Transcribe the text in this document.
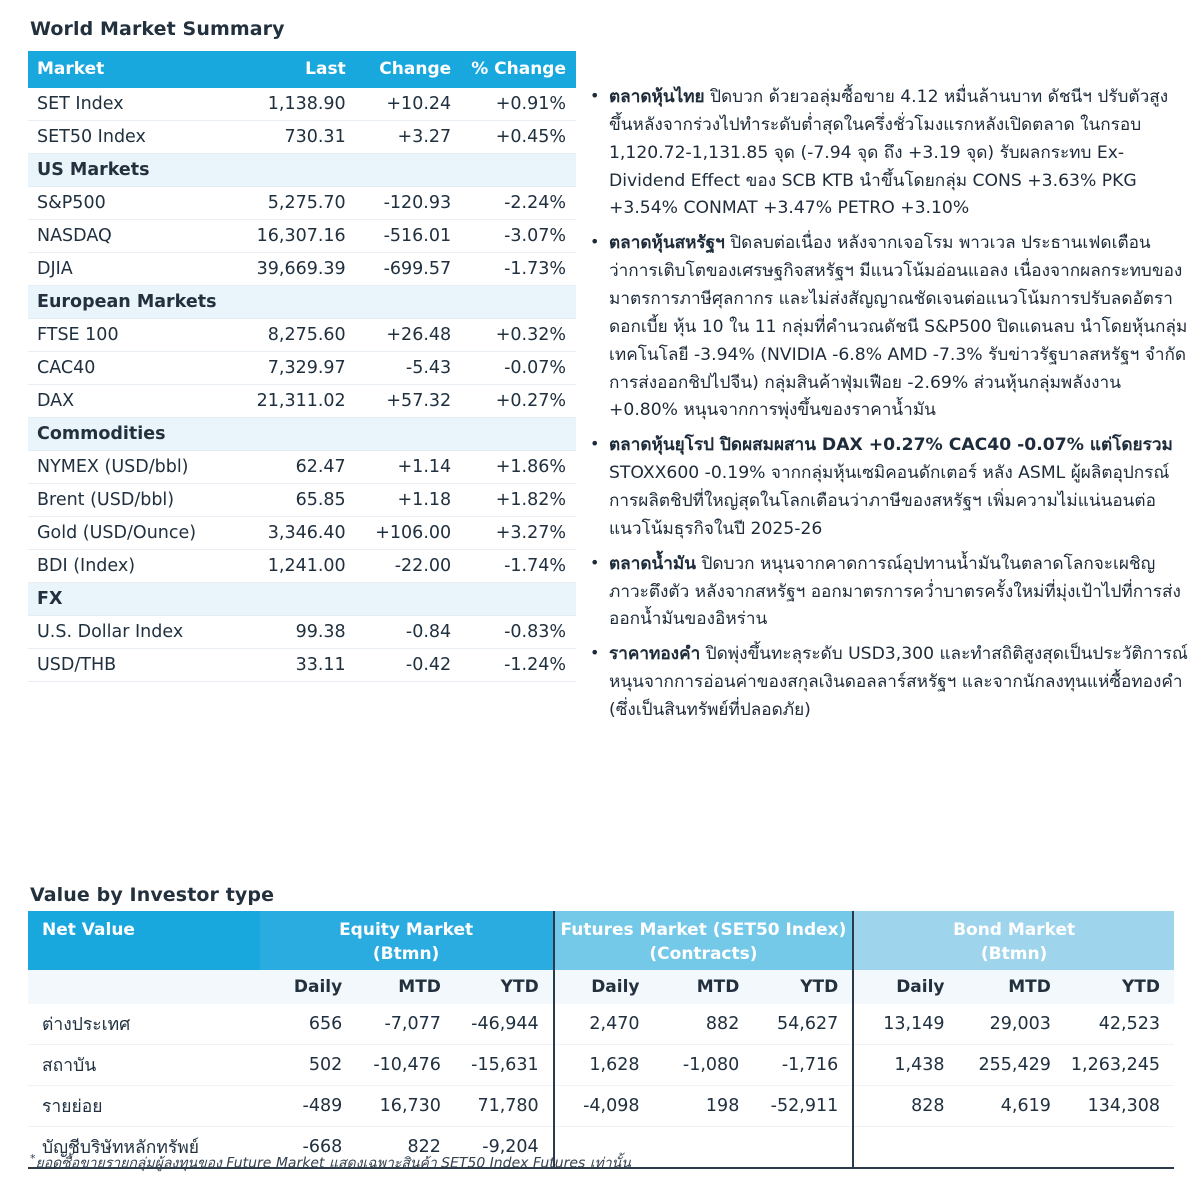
World Market Summary
Market	Last	Change	% Change
SET Index	1,138.90	+10.24	+0.91%
SET50 Index	730.31	+3.27	+0.45%
US Markets			
S&P500	5,275.70	-120.93	-2.24%
NASDAQ	16,307.16	-516.01	-3.07%
DJIA	39,669.39	-699.57	-1.73%
European Markets			
FTSE 100	8,275.60	+26.48	+0.32%
CAC40	7,329.97	-5.43	-0.07%
DAX	21,311.02	+57.32	+0.27%
Commodities			
NYMEX (USD/bbl)	62.47	+1.14	+1.86%
Brent (USD/bbl)	65.85	+1.18	+1.82%
Gold (USD/Ounce)	3,346.40	+106.00	+3.27%
BDI (Index)	1,241.00	-22.00	-1.74%
FX			
U.S. Dollar Index	99.38	-0.84	-0.83%
USD/THB	33.11	-0.42	-1.24%
• ตลาดหุ้นไทย ปิดบวก ด้วยวอลุ่มซื้อขาย 4.12 หมื่นล้านบาท ดัชนีฯ ปรับตัวสูงขึ้นหลังจากร่วงไปทำระดับต่ำสุดในครึ่งชั่วโมงแรกหลังเปิดตลาด ในกรอบ 1,120.72-1,131.85 จุด (-7.94 จุด ถึง +3.19 จุด) รับผลกระทบ Ex-Dividend Effect ของ SCB KTB นำขึ้นโดยกลุ่ม CONS +3.63% PKG +3.54% CONMAT +3.47% PETRO +3.10%
• ตลาดหุ้นสหรัฐฯ ปิดลบต่อเนื่อง หลังจากเจอโรม พาวเวล ประธานเฟดเตือนว่าการเติบโตของเศรษฐกิจสหรัฐฯ มีแนวโน้มอ่อนแอลง เนื่องจากผลกระทบของมาตรการภาษีศุลกากร และไม่ส่งสัญญาณชัดเจนต่อแนวโน้มการปรับลดอัตราดอกเบี้ย หุ้น 10 ใน 11 กลุ่มที่คำนวณดัชนี S&P500 ปิดแดนลบ นำโดยหุ้นกลุ่มเทคโนโลยี -3.94% (NVIDIA -6.8% AMD -7.3% รับข่าวรัฐบาลสหรัฐฯ จำกัดการส่งออกชิปไปจีน) กลุ่มสินค้าฟุ่มเฟือย -2.69% ส่วนหุ้นกลุ่มพลังงาน +0.80% หนุนจากการพุ่งขึ้นของราคาน้ำมัน
• ตลาดหุ้นยุโรป ปิดผสมผสาน DAX +0.27% CAC40 -0.07% แต่โดยรวม STOXX600 -0.19% จากกลุ่มหุ้นเซมิคอนดักเตอร์ หลัง ASML ผู้ผลิตอุปกรณ์การผลิตชิปที่ใหญ่สุดในโลกเตือนว่าภาษีของสหรัฐฯ เพิ่มความไม่แน่นอนต่อแนวโน้มธุรกิจในปี 2025-26
• ตลาดน้ำมัน ปิดบวก หนุนจากคาดการณ์อุปทานน้ำมันในตลาดโลกจะเผชิญภาวะตึงตัว หลังจากสหรัฐฯ ออกมาตรการคว่ำบาตรครั้งใหม่ที่มุ่งเป้าไปที่การส่งออกน้ำมันของอิหร่าน
• ราคาทองคำ ปิดพุ่งขึ้นทะลุระดับ USD3,300 และทำสถิติสูงสุดเป็นประวัติการณ์ หนุนจากการอ่อนค่าของสกุลเงินดอลลาร์สหรัฐฯ และจากนักลงทุนแห่ซื้อทองคำ (ซึ่งเป็นสินทรัพย์ที่ปลอดภัย)
Value by Investor type
Net Value	Equity Market
(Btmn)

Futures Market (SET50 Index)
(Contracts)

Bond Market
(Btmn)

	Daily	MTD	YTD	Daily	MTD	YTD	Daily	MTD	YTD
ต่างประเทศ	656	-7,077	-46,944	2,470	882	54,627	13,149	29,003	42,523
สถาบัน	502	-10,476	-15,631	1,628	-1,080	-1,716	1,438	255,429	1,263,245
รายย่อย	-489	16,730	71,780	-4,098	198	-52,911	828	4,619	134,308
บัญชีบริษัทหลักทรัพย์	-668	822	-9,204						

*ยอดซื้อขายรายกลุ่มผู้ลงทุนของ Future Market แสดงเฉพาะสินค้า SET50 Index Futures เท่านั้น
